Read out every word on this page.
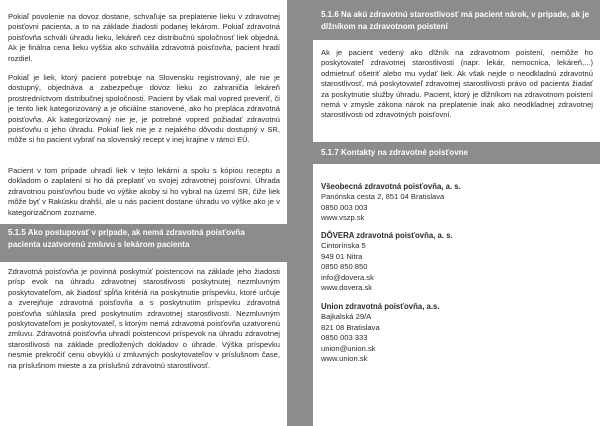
Pokiaľ povolenie na dovoz dostane, schvaľuje sa preplatenie lieku v zdravotnej poisťovni pacienta, a to na základe žiadosti podanej lekárom. Pokiaľ zdravotná poisťovňa schváli úhradu lieku, lekáreň cez distribučnú spoločnosť liek objedná. Ak je finálna cena lieku vyššia ako schválila zdravotná poisťovňa, pacient hradí rozdiel.

Pokiaľ je liek, ktorý pacient potrebuje na Slovensku registrovaný, ale nie je dostupný, objednáva a zabezpečuje dovoz lieku zo zahraničia lekáreň prostredníctvom distribučnej spoločnosti. Pacient by však mal vopred preveriť, či je tento liek kategorizovaný a je oficiálne stanovené, ako ho prepláca zdravotná poisťovňa. Ak kategorizovaný nie je, je potrebné vopred požiadať zdravotnú poisťovňu o jeho úhradu. Pokiaľ liek nie je z nejakého dôvodu dostupný v SR, môže si ho pacient vybrať na slovenský recept v inej krajine v rámci EÚ.

Pacient v tom prípade uhradí liek v tejto lekárni a spolu s kópiou receptu a dokladom o zaplatení si ho dá preplatiť vo svojej zdravotnej poisťovni. Úhrada zdravotnou poisťovňou bude vo výške akoby si ho vybral na území SR, čiže liek môže byť v Rakúsku drahší, ale u nás pacient dostane úhradu vo výške ako je v kategorizačnom zozname.

5.1.5 Ako postupovať v prípade, ak nemá zdravotná poisťovňa pacienta uzatvorenú zmluvu s lekárom pacienta

Zdravotná poisťovňa je povinná poskytnúť poistencovi na základe jeho žiadosti prísp evok na úhradu zdravotnej starostlivosti poskytnutej nezmluvným poskytovateľom, ak žiadosť spĺňa kritériá na poskytnutie príspevku, ktoré určuje a zverejňuje zdravotná poisťovňa a s poskytnutím príspevku zdravotná poisťovňa súhlasila pred poskytnutím zdravotnej starostlivosti. Nezmluvným poskytovateľom je poskytovateľ, s ktorým nemá zdravotná poisťovňa uzatvorenú zmluvu. Zdravotná poisťovňa uhradí poistencovi príspevok na úhradu zdravotnej starostlivosti na základe predložených dokladov o úhrade. Výška príspevku nesmie prekročiť cenu obvyklú u zmluvných poskytovateľov v príslušnom čase, na príslušnom mieste a za príslušnú zdravotnú starostlivosť.

5.1.6 Na akú zdravotnú starostlivosť má pacient nárok, v prípade, ak je dlžníkom na zdravotnom poistení

Ak je pacient vedený ako dlžník na zdravotnom poistení, nemôže ho poskytovateľ zdravotnej starostlivosti (napr. lekár, nemocnica, lekáreň,...) odmietnuť ošetriť alebo mu vydať liek. Ak však nejde o neodkladnú zdravotnú starostlivosť, má poskytovateľ zdravotnej starostlivosti právo od pacienta žiadať za poskytnutie služby úhradu. Pacient, ktorý je dlžníkom na zdravotnom poistení nemá v zmysle zákona nárok na preplatenie inak ako neodkladnej zdravotnej starostlivosti od zdravotných poisťovní.

5.1.7 Kontakty na zdravotné poisťovne
Všeobecná zdravotná poisťovňa, a. s.
Panónska cesta 2, 851 04 Bratislava
0850 003 003
www.vszp.sk
DÔVERA zdravotná poisťovňa, a. s.
Cintorínska 5
949 01 Nitra
0850 850 850
info@dovera.sk
www.dovera.sk
Union zdravotná poisťovňa, a.s.
Bajkalská 29/A
821 08 Bratislava
0850 003 333
union@union.sk
www.union.sk
